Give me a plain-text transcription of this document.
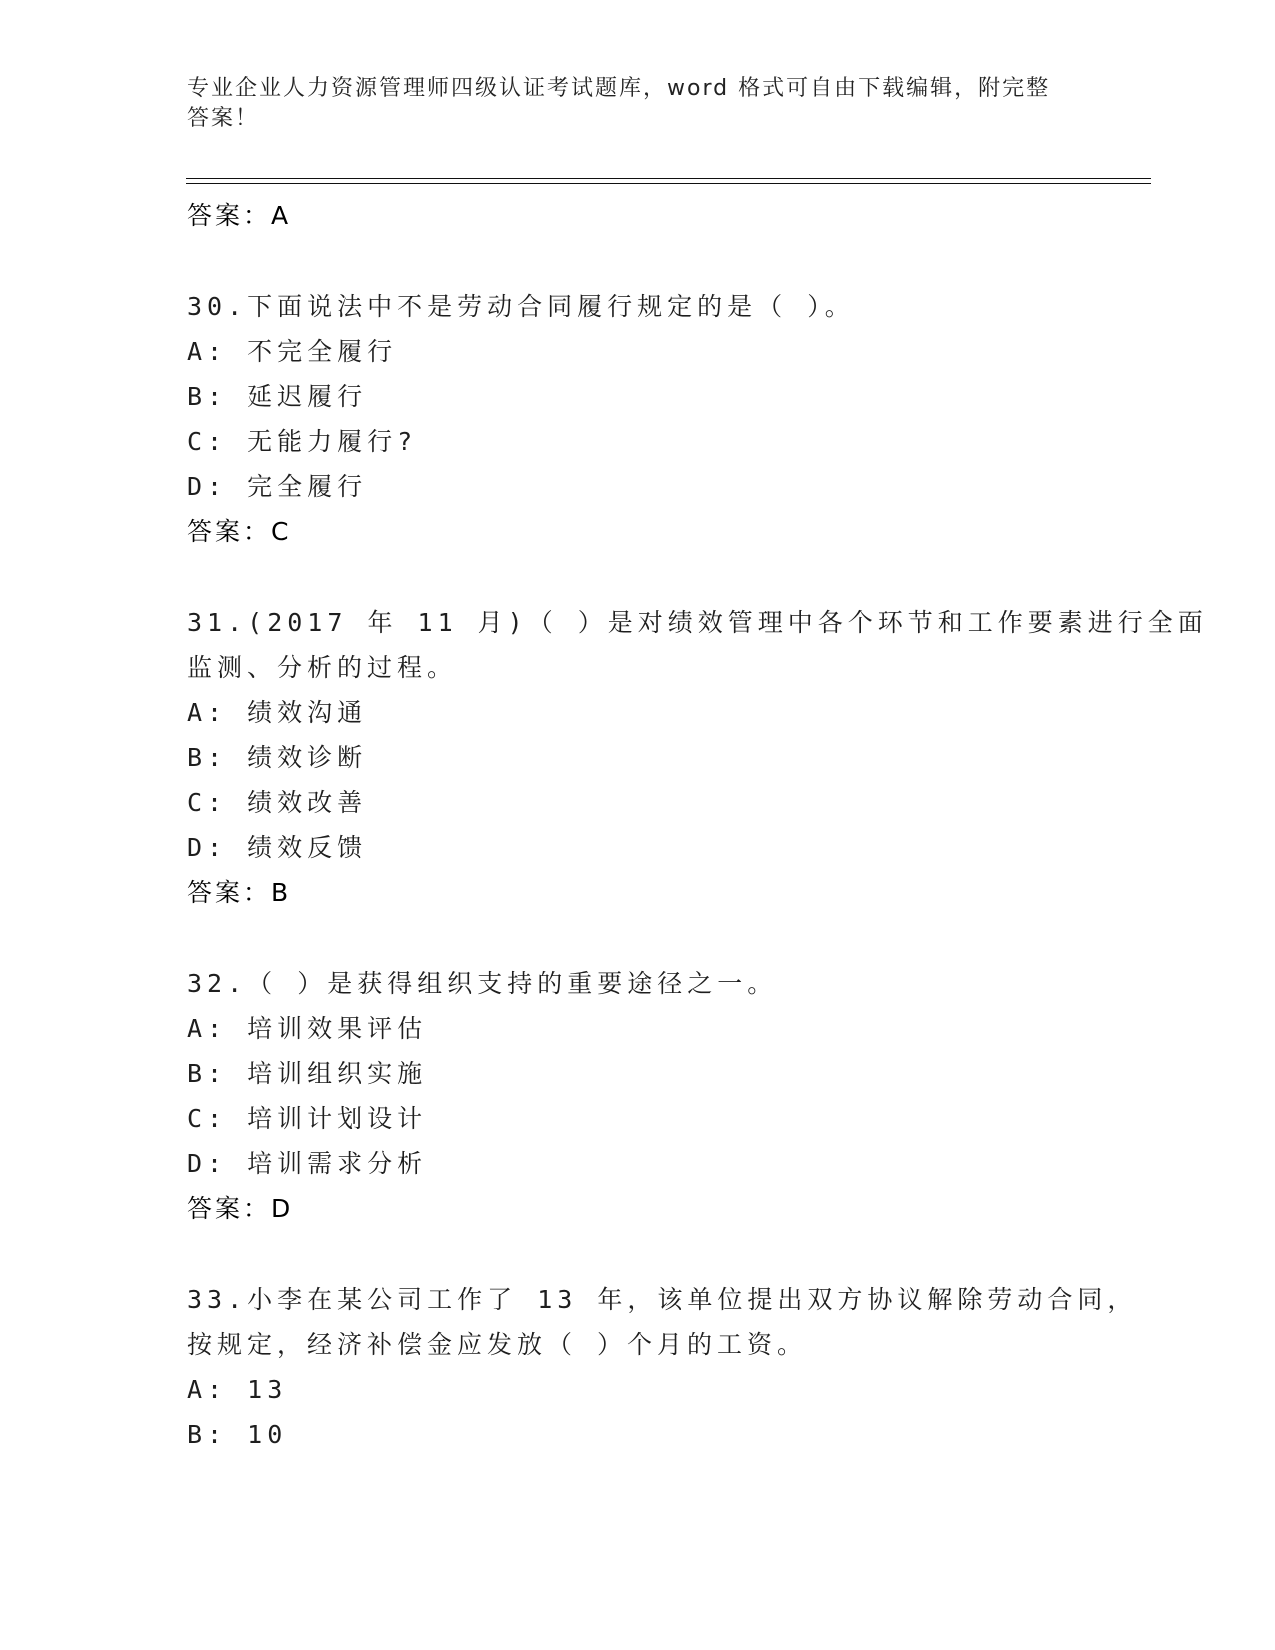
专业企业人力资源管理师四级认证考试题库，word 格式可自由下载编辑，附完整
答案！
答案：A
30.下面说法中不是劳动合同履行规定的是（ ）。
A: 不完全履行
B: 延迟履行
C: 无能力履行?
D: 完全履行
答案：C
31.(2017 年 11 月)（ ）是对绩效管理中各个环节和工作要素进行全面
监测、分析的过程。
A: 绩效沟通
B: 绩效诊断
C: 绩效改善
D: 绩效反馈
答案：B
32.（ ）是获得组织支持的重要途径之一。
A: 培训效果评估
B: 培训组织实施
C: 培训计划设计
D: 培训需求分析
答案：D
33.小李在某公司工作了 13 年，该单位提出双方协议解除劳动合同，
按规定，经济补偿金应发放（ ）个月的工资。
A: 13
B: 10
